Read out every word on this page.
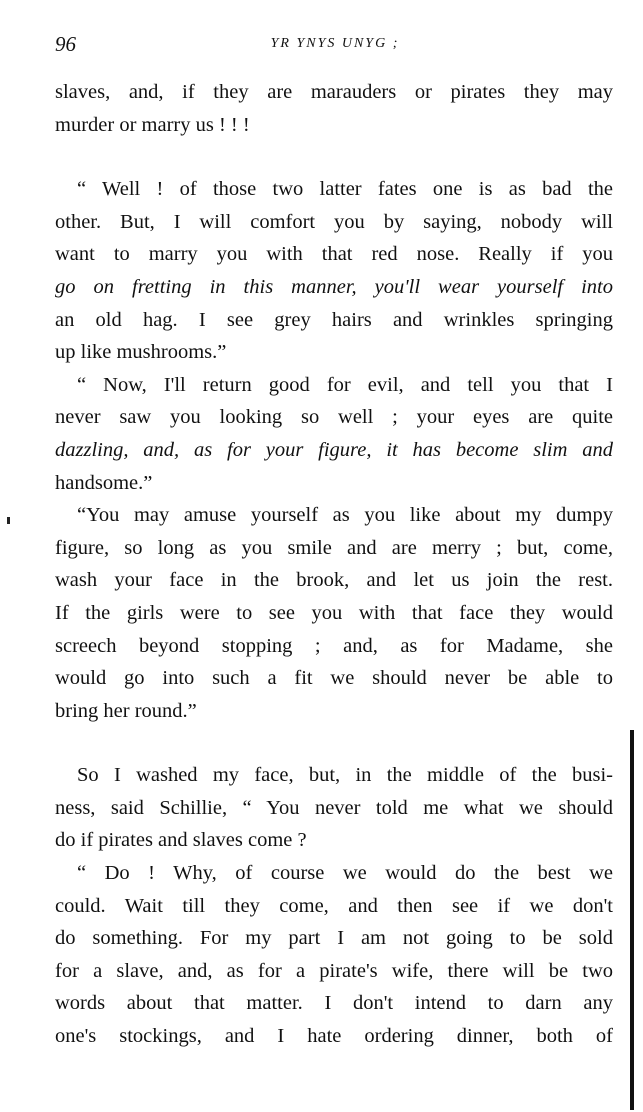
96	YR YNYS UNYG ;
slaves, and, if they are marauders or pirates they may
murder or marry us ! ! !
“ Well ! of those two latter fates one is as bad the
other. But, I will comfort you by saying, nobody will
want to marry you with that red nose. Really if you
go on fretting in this manner, you'll wear yourself into
an old hag. I see grey hairs and wrinkles springing
up like mushrooms.”
“ Now, I'll return good for evil, and tell you that I
never saw you looking so well ; your eyes are quite
dazzling, and, as for your figure, it has become slim and
handsome.”
“You may amuse yourself as you like about my dumpy
figure, so long as you smile and are merry ; but, come,
wash your face in the brook, and let us join the rest.
If the girls were to see you with that face they would
screech beyond stopping ; and, as for Madame, she
would go into such a fit we should never be able to
bring her round.”
So I washed my face, but, in the middle of the busi-
ness, said Schillie, “ You never told me what we should
do if pirates and slaves come ?
“ Do ! Why, of course we would do the best we
could. Wait till they come, and then see if we don't
do something. For my part I am not going to be sold
for a slave, and, as for a pirate's wife, there will be two
words about that matter. I don't intend to darn any
one's stockings, and I hate ordering dinner, both of
